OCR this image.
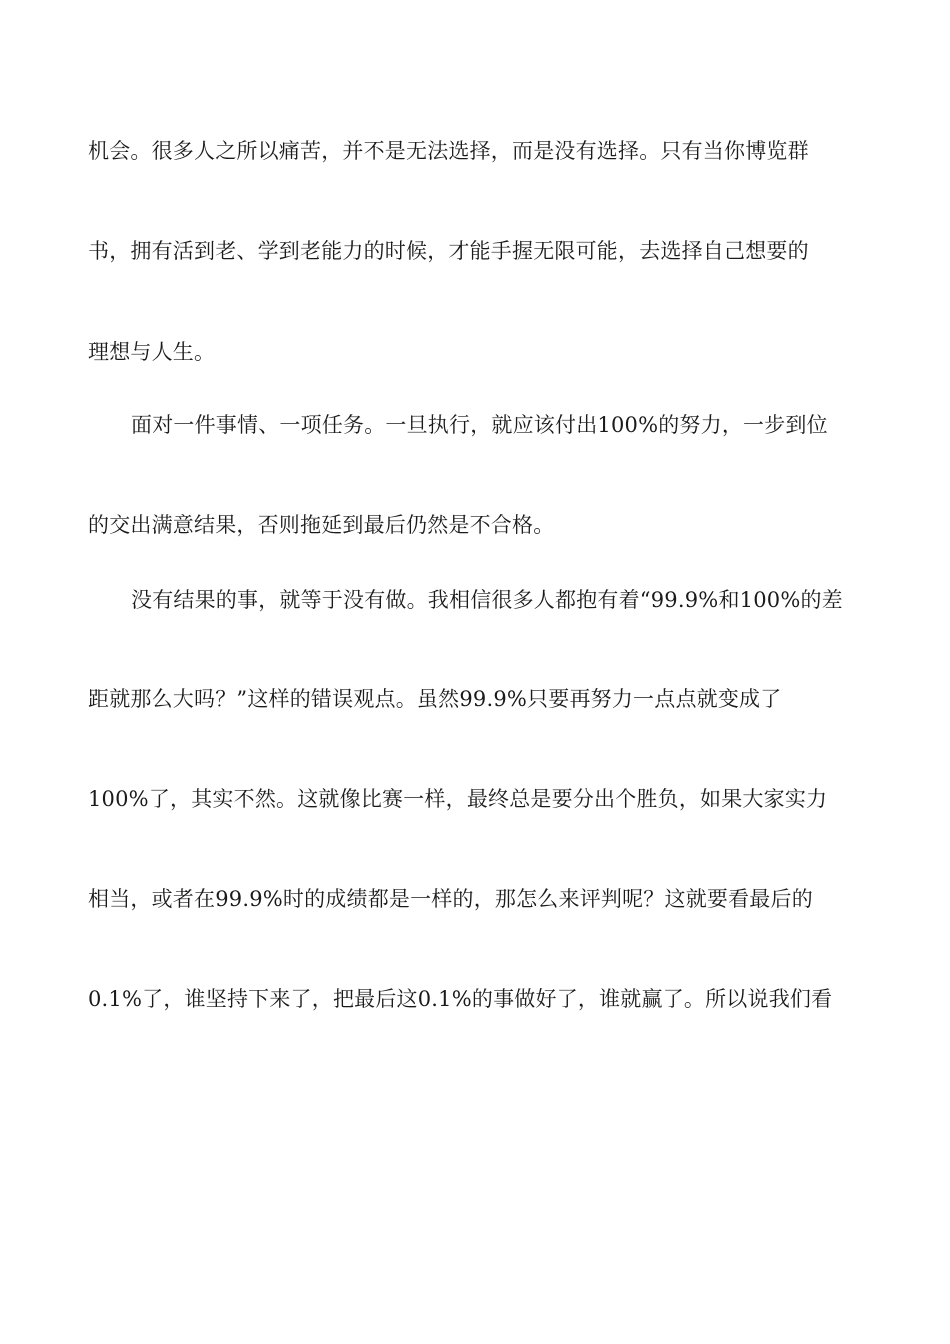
机会。很多人之所以痛苦，并不是无法选择，而是没有选择。只有当你博览群
书，拥有活到老、学到老能力的时候，才能手握无限可能，去选择自己想要的
理想与人生。
面对一件事情、一项任务。一旦执行，就应该付出100%的努力，一步到位
的交出满意结果，否则拖延到最后仍然是不合格。
没有结果的事，就等于没有做。我相信很多人都抱有着“99.9%和100%的差
距就那么大吗？”这样的错误观点。虽然99.9%只要再努力一点点就变成了
100%了，其实不然。这就像比赛一样，最终总是要分出个胜负，如果大家实力
相当，或者在99.9%时的成绩都是一样的，那怎么来评判呢？这就要看最后的
0.1%了，谁坚持下来了，把最后这0.1%的事做好了，谁就赢了。所以说我们看
